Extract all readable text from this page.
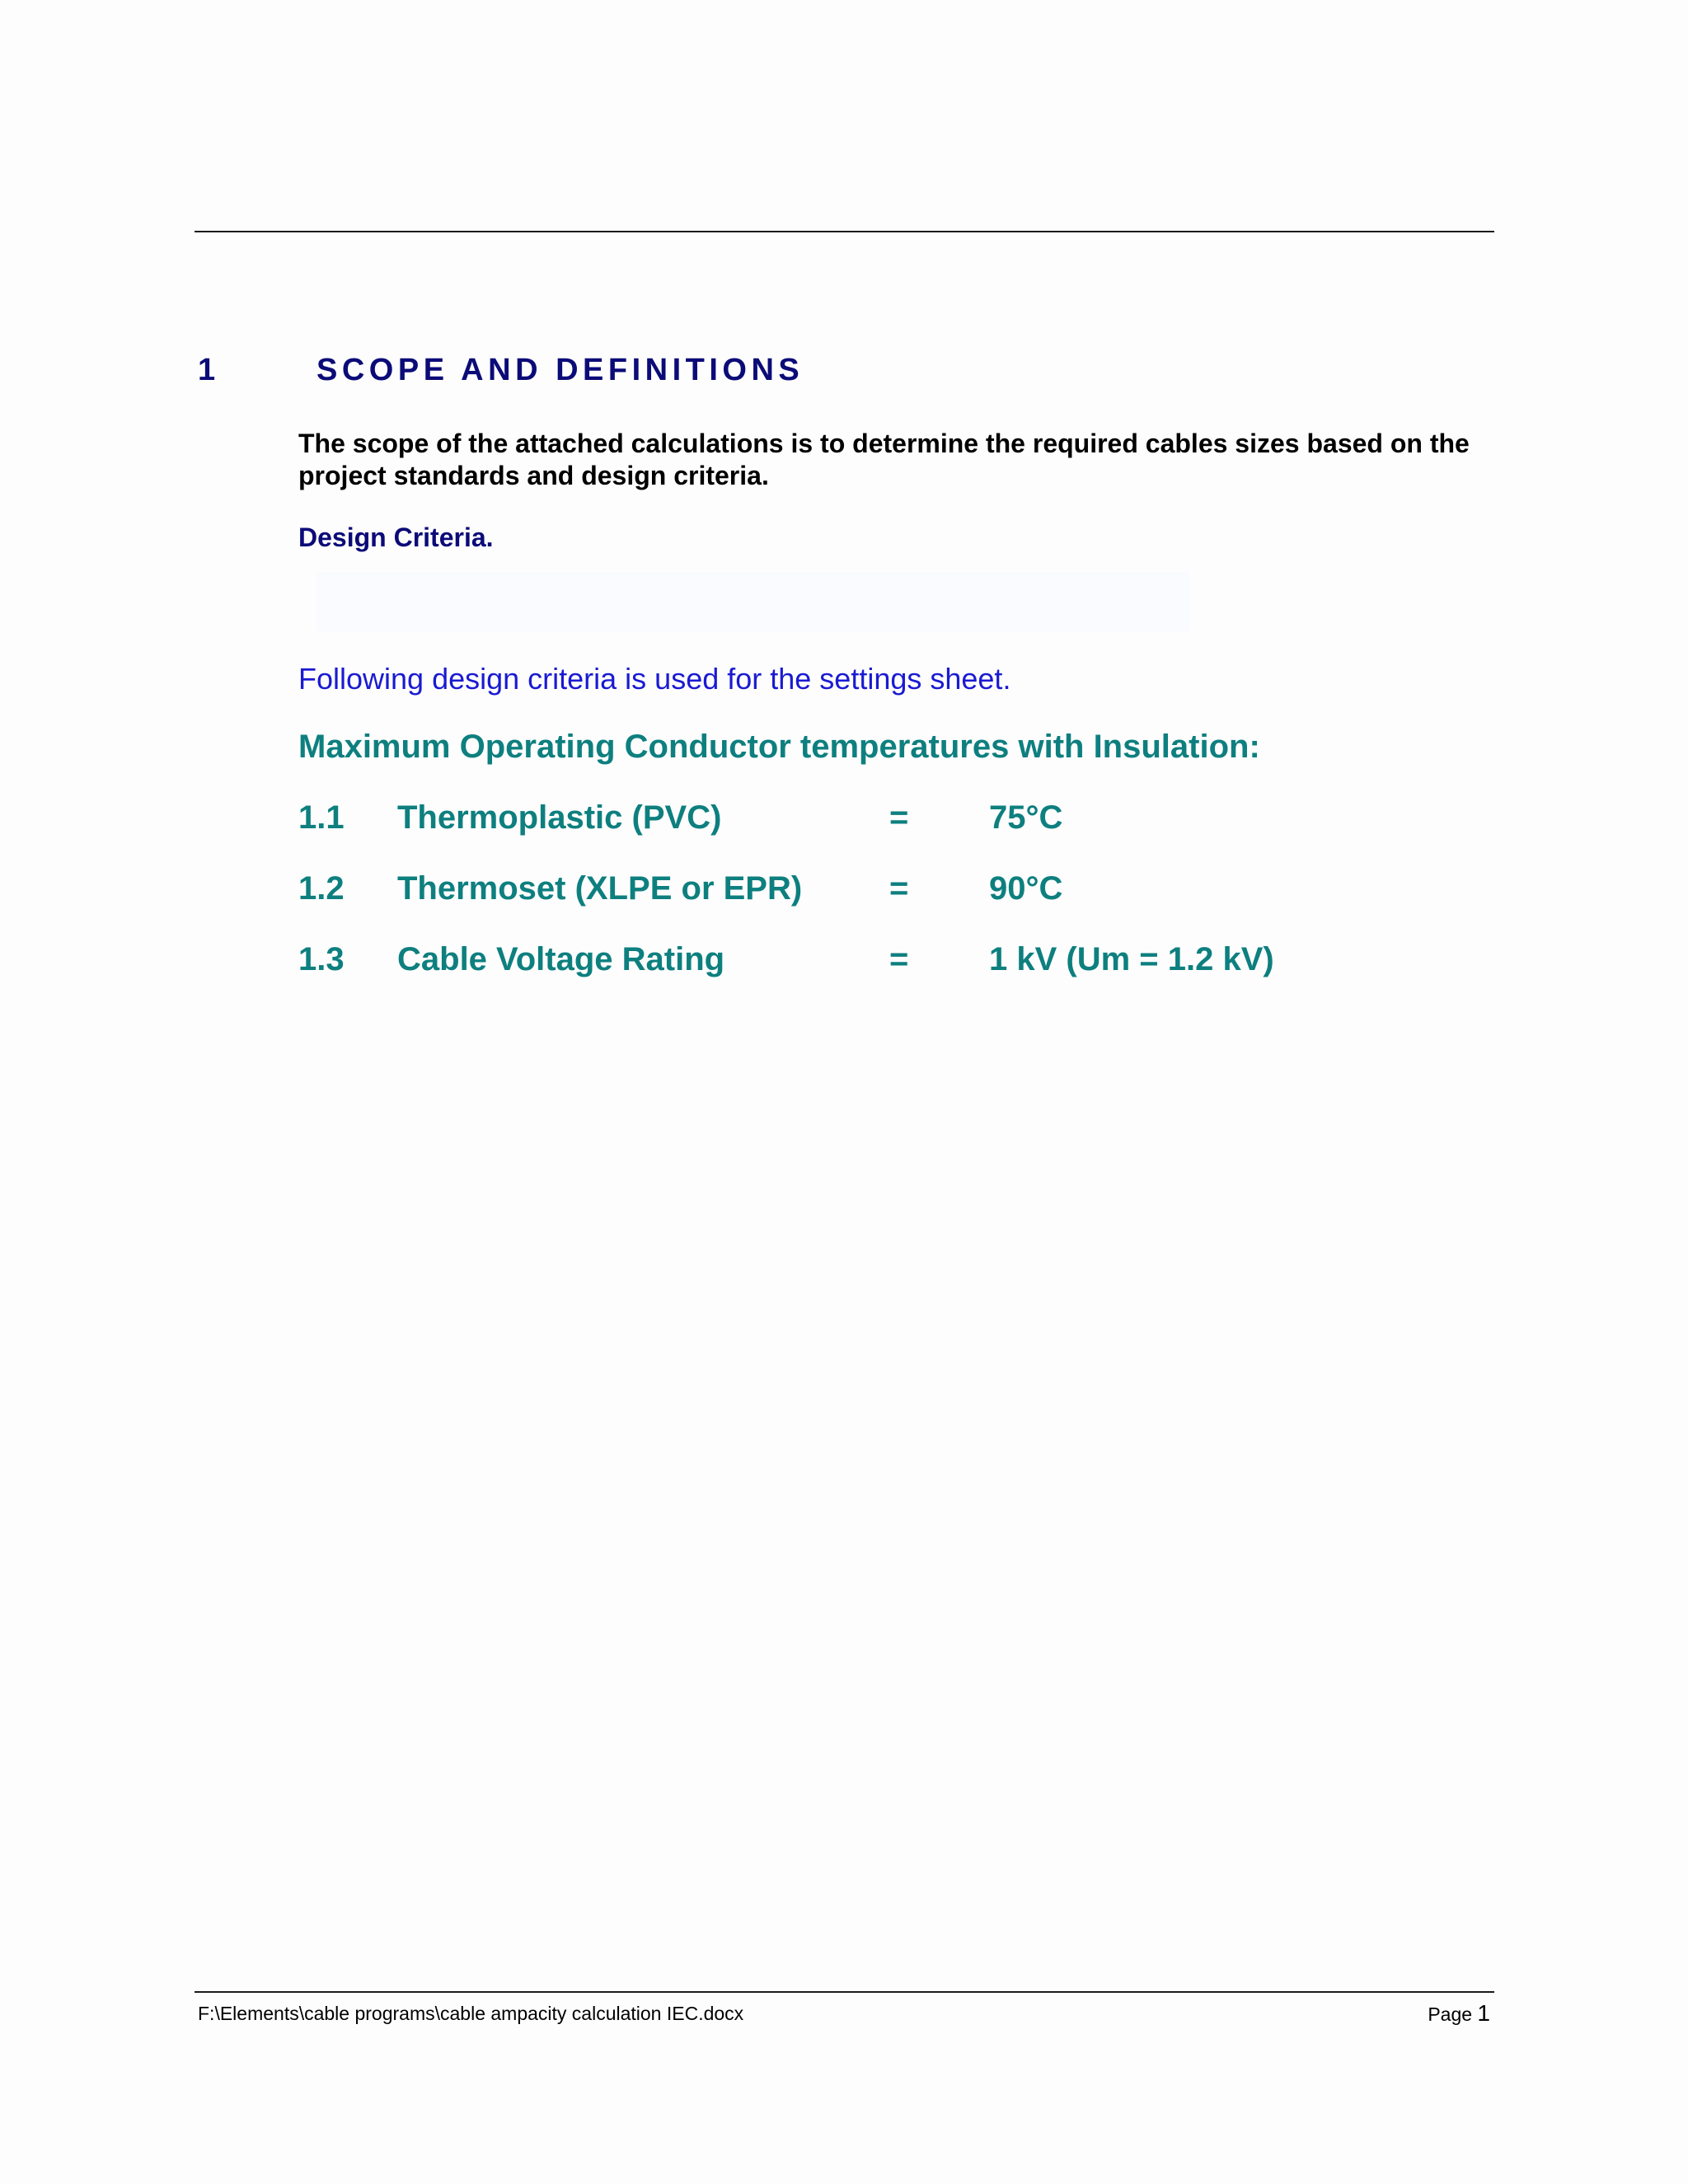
1	SCOPE AND DEFINITIONS
The scope of the attached calculations is to determine the required cables sizes based on the project standards and design criteria.
Design Criteria.
Following design criteria is used for the settings sheet.
Maximum Operating Conductor temperatures with Insulation:
1.1 Thermoplastic (PVC)	= 75°C
1.2 Thermoset (XLPE or EPR)	= 90°C
1.3 Cable Voltage Rating	= 1 kV (Um = 1.2 kV)
F:\Elements\cable programs\cable ampacity calculation IEC.docx	Page 1
